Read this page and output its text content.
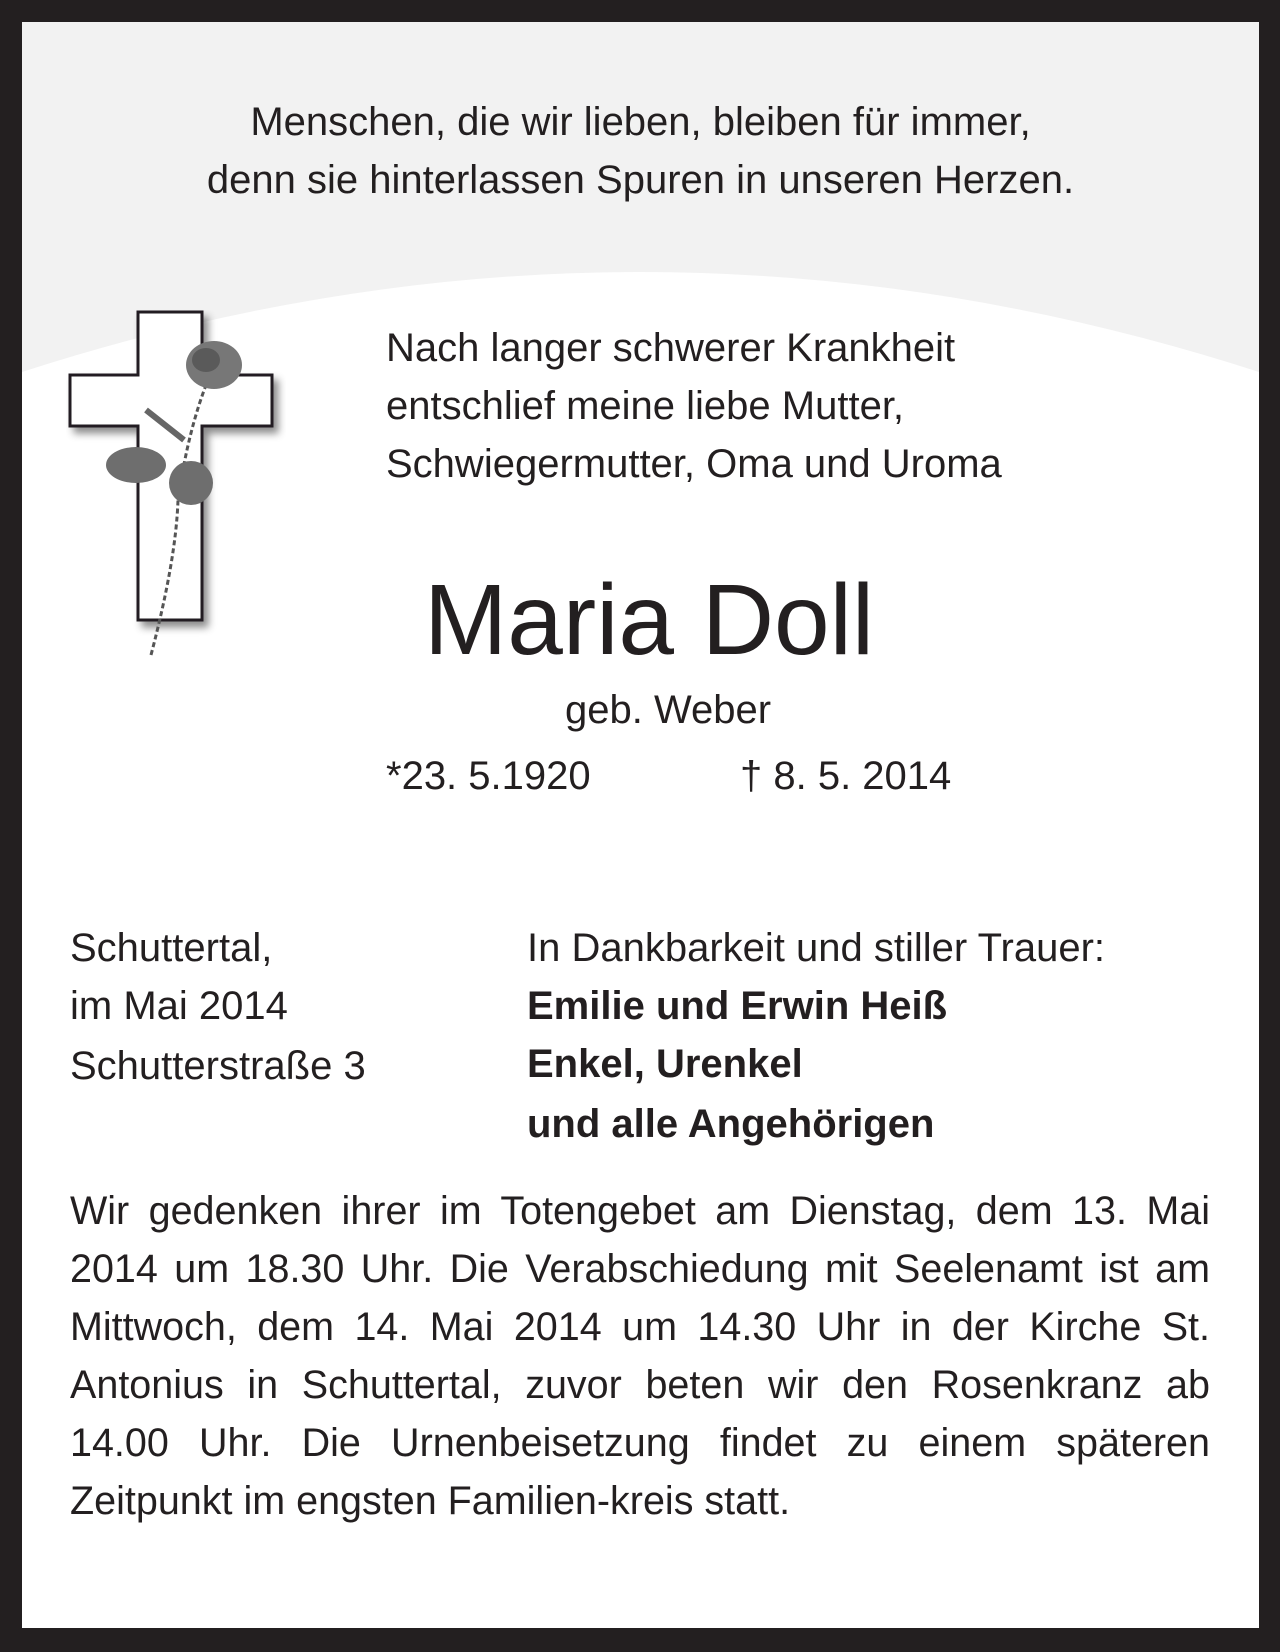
Menschen, die wir lieben, bleiben für immer,
denn sie hinterlassen Spuren in unseren Herzen.
Nach langer schwerer Krankheit
entschlief meine liebe Mutter,
Schwiegermutter, Oma und Uroma
Maria Doll
geb. Weber
*23. 5.1920	† 8. 5. 2014
Schuttertal,
im Mai 2014
Schutterstraße 3
In Dankbarkeit und stiller Trauer:
Emilie und Erwin Heiß
Enkel, Urenkel
und alle Angehörigen
Wir gedenken ihrer im Totengebet am Dienstag, dem 13. Mai 2014 um 18.30 Uhr. Die Verabschiedung mit Seelenamt ist am Mittwoch, dem 14. Mai 2014 um 14.30 Uhr in der Kirche St. Antonius in Schuttertal, zuvor beten wir den Rosenkranz ab 14.00 Uhr. Die Urnenbeisetzung findet zu einem späteren Zeitpunkt im engsten Familien-kreis statt.
